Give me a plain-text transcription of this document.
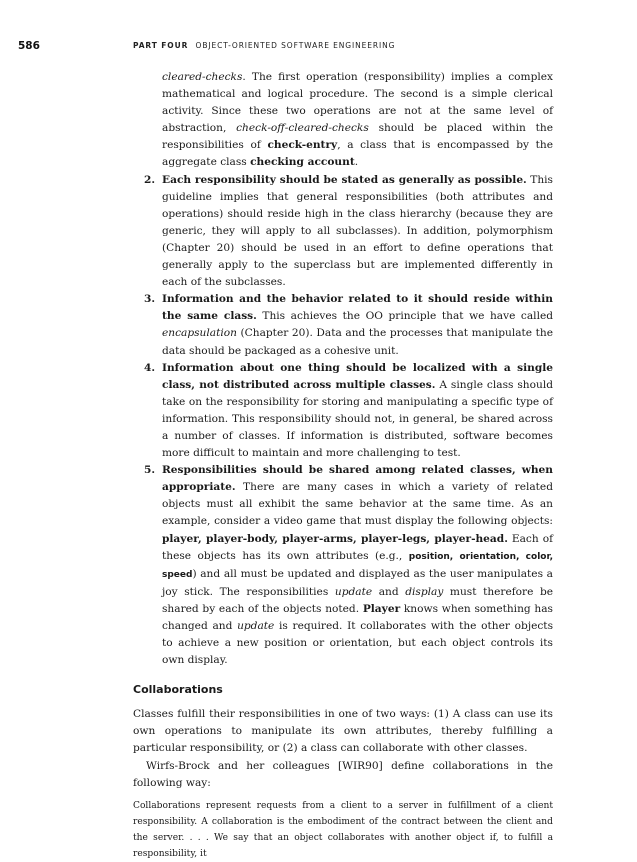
586	PART FOUR OBJECT-ORIENTED SOFTWARE ENGINEERING

cleared-checks. The first operation (responsibility) implies a complex mathematical and logical procedure. The second is a simple clerical activity. Since these two operations are not at the same level of abstraction, check-off-cleared-checks should be placed within the responsibilities of check-entry, a class that is encompassed by the aggregate class checking account.

2. Each responsibility should be stated as generally as possible. This guideline implies that general responsibilities (both attributes and operations) should reside high in the class hierarchy (because they are generic, they will apply to all subclasses). In addition, polymorphism (Chapter 20) should be used in an effort to define operations that generally apply to the superclass but are implemented differently in each of the subclasses.

3. Information and the behavior related to it should reside within the same class. This achieves the OO principle that we have called encapsulation (Chapter 20). Data and the processes that manipulate the data should be packaged as a cohesive unit.

4. Information about one thing should be localized with a single class, not distributed across multiple classes. A single class should take on the responsibility for storing and manipulating a specific type of information. This responsibility should not, in general, be shared across a number of classes. If information is distributed, software becomes more difficult to maintain and more challenging to test.

5. Responsibilities should be shared among related classes, when appropriate. There are many cases in which a variety of related objects must all exhibit the same behavior at the same time. As an example, consider a video game that must display the following objects: player, player-body, player-arms, player-legs, player-head. Each of these objects has its own attributes (e.g., position, orientation, color, speed) and all must be updated and displayed as the user manipulates a joy stick. The responsibilities update and display must therefore be shared by each of the objects noted. Player knows when something has changed and update is required. It collaborates with the other objects to achieve a new position or orientation, but each object controls its own display.

Collaborations

Classes fulfill their responsibilities in one of two ways: (1) A class can use its own operations to manipulate its own attributes, thereby fulfilling a particular responsibility, or (2) a class can collaborate with other classes.

Wirfs-Brock and her colleagues [WIR90] define collaborations in the following way:

Collaborations represent requests from a client to a server in fulfillment of a client responsibility. A collaboration is the embodiment of the contract between the client and the server. . . . We say that an object collaborates with another object if, to fulfill a responsibility, it
